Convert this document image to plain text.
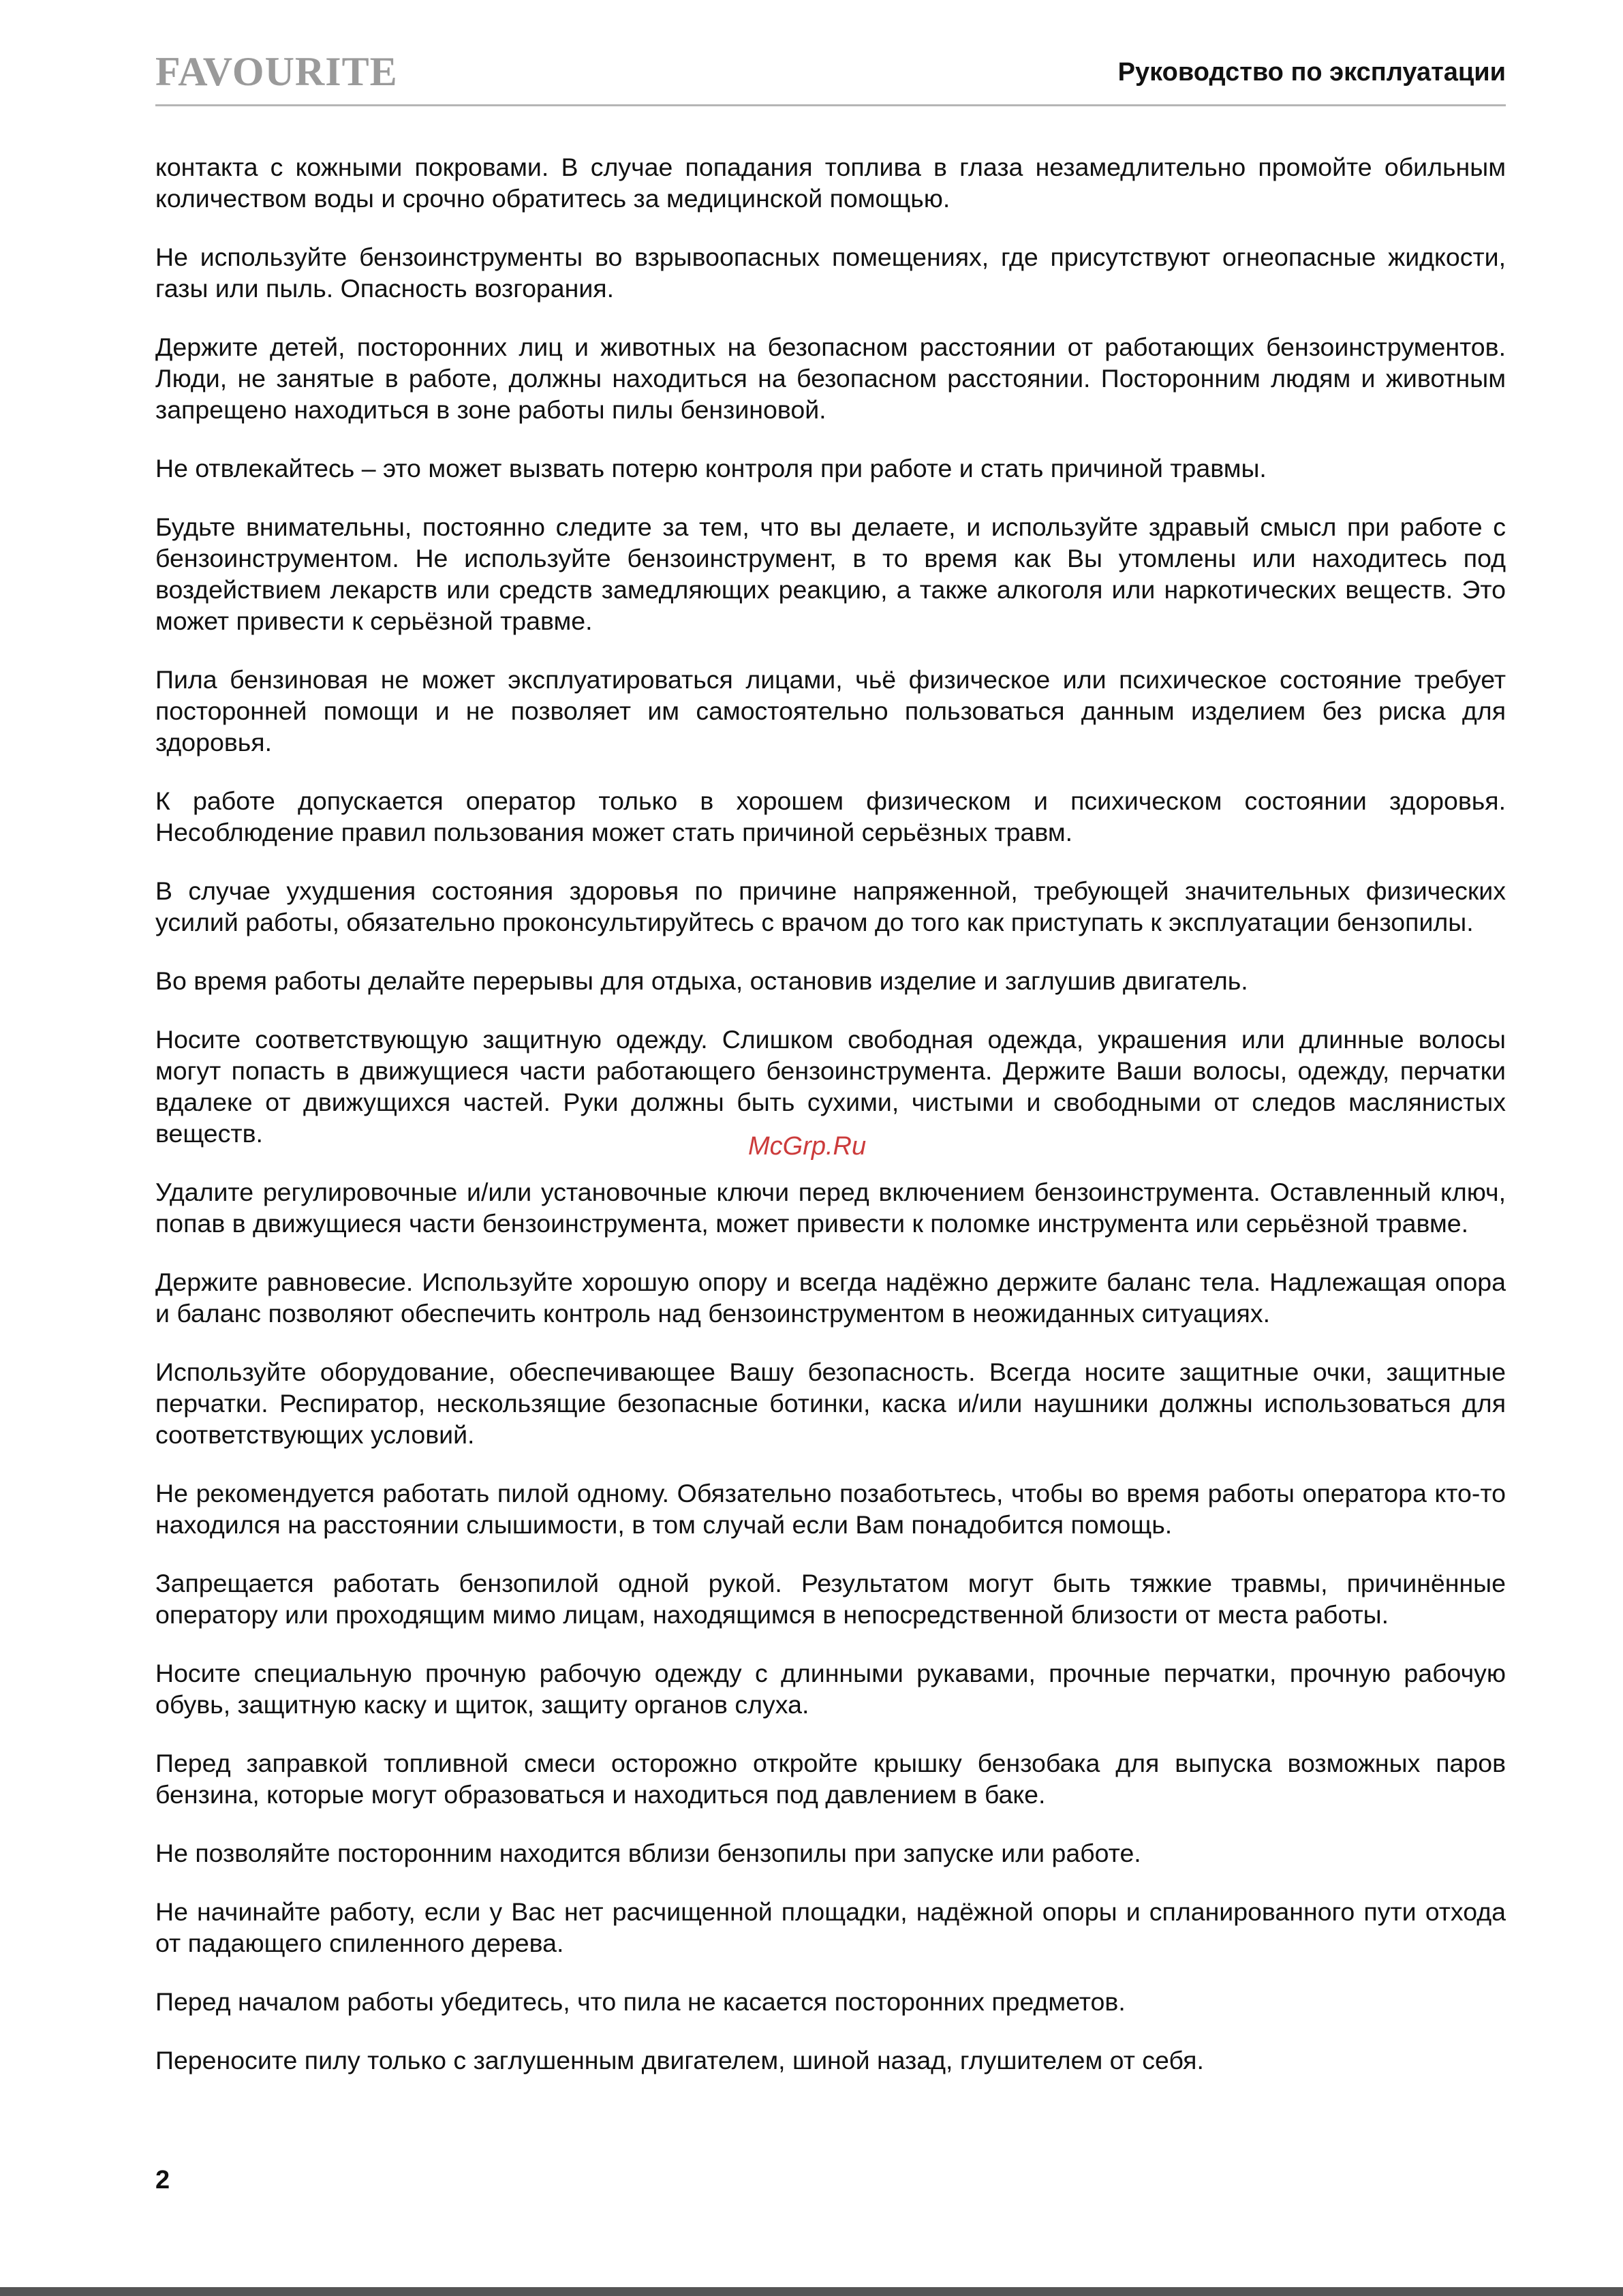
FAVOURITE	Руководство по эксплуатации

контакта с кожными покровами. В случае попадания топлива в глаза незамедлительно промойте обильным количеством воды и срочно обратитесь за медицинской помощью.

Не используйте бензоинструменты во взрывоопасных помещениях, где присутствуют огнеопасные жидкости, газы или пыль. Опасность возгорания.

Держите детей, посторонних лиц и животных на безопасном расстоянии от работающих бензоинструментов. Люди, не занятые в работе, должны находиться на безопасном расстоянии. Посторонним людям и животным запрещено находиться в зоне работы пилы бензиновой.

Не отвлекайтесь – это может вызвать потерю контроля при работе и стать причиной травмы.

Будьте внимательны, постоянно следите за тем, что вы делаете, и используйте здравый смысл при работе с бензоинструментом. Не используйте бензоинструмент, в то время как Вы утомлены или находитесь под воздействием лекарств или средств замедляющих реакцию, а также алкоголя или наркотических веществ. Это может привести к серьёзной травме.

Пила бензиновая не может эксплуатироваться лицами, чьё физическое или психическое состояние требует посторонней помощи и не позволяет им самостоятельно пользоваться данным изделием без риска для здоровья.

К работе допускается оператор только в хорошем физическом и психическом состоянии здоровья. Несоблюдение правил пользования может стать причиной серьёзных травм.

В случае ухудшения состояния здоровья по причине напряженной, требующей значительных физических усилий работы, обязательно проконсультируйтесь с врачом до того как приступать к эксплуатации бензопилы.

Во время работы делайте перерывы для отдыха, остановив изделие и заглушив двигатель.

Носите соответствующую защитную одежду. Слишком свободная одежда, украшения или длинные волосы могут попасть в движущиеся части работающего бензоинструмента. Держите Ваши волосы, одежду, перчатки вдалеке от движущихся частей. Руки должны быть сухими, чистыми и свободными от следов маслянистых веществ.

Удалите регулировочные и/или установочные ключи перед включением бензоинструмента. Оставленный ключ, попав в движущиеся части бензоинструмента, может привести к поломке инструмента или серьёзной травме.

Держите равновесие. Используйте хорошую опору и всегда надёжно держите баланс тела. Надлежащая опора и баланс позволяют обеспечить контроль над бензоинструментом в неожиданных ситуациях.

Используйте оборудование, обеспечивающее Вашу безопасность. Всегда носите защитные очки, защитные перчатки. Респиратор, нескользящие безопасные ботинки, каска и/или наушники должны использоваться для соответствующих условий.

Не рекомендуется работать пилой одному. Обязательно позаботьтесь, чтобы во время работы оператора кто-то находился на расстоянии слышимости, в том случай если Вам понадобится помощь.

Запрещается работать бензопилой одной рукой. Результатом могут быть тяжкие травмы, причинённые оператору или проходящим мимо лицам, находящимся в непосредственной близости от места работы.

Носите специальную прочную рабочую одежду с длинными рукавами, прочные перчатки, прочную рабочую обувь, защитную каску и щиток, защиту органов слуха.

Перед заправкой топливной смеси осторожно откройте крышку бензобака для выпуска возможных паров бензина, которые могут образоваться и находиться под давлением в баке.

Не позволяйте посторонним находится вблизи бензопилы при запуске или работе.

Не начинайте работу, если у Вас нет расчищенной площадки, надёжной опоры и спланированного пути отхода от падающего спиленного дерева.

Перед началом работы убедитесь, что пила не касается посторонних предметов.

Переносите пилу только с заглушенным двигателем, шиной назад, глушителем от себя.

McGrp.Ru
2
